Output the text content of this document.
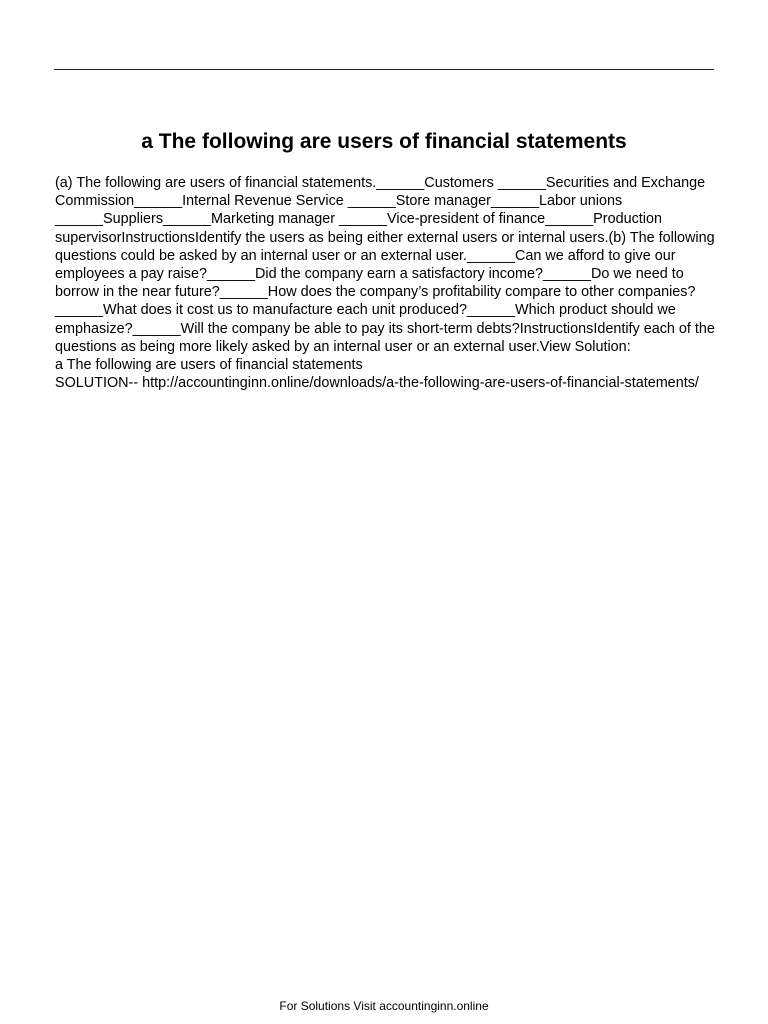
a The following are users of financial statements

(a) The following are users of financial statements.______Customers ______Securities and Exchange Commission______Internal Revenue Service ______Store manager______Labor unions ______Suppliers______Marketing manager ______Vice-president of finance______Production supervisorInstructionsIdentify the users as being either external users or internal users.(b) The following questions could be asked by an internal user or an external user.______Can we afford to give our employees a pay raise?______Did the company earn a satisfactory income?______Do we need to borrow in the near future?______How does the company’s profitability compare to other companies?______What does it cost us to manufacture each unit produced?______Which product should we emphasize?______Will the company be able to pay its short-term debts?InstructionsIdentify each of the questions as being more likely asked by an internal user or an external user.View Solution:

a The following are users of financial statements

SOLUTION-- http://accountinginn.online/downloads/a-the-following-are-users-of-financial-statements/

For Solutions Visit accountinginn.online
